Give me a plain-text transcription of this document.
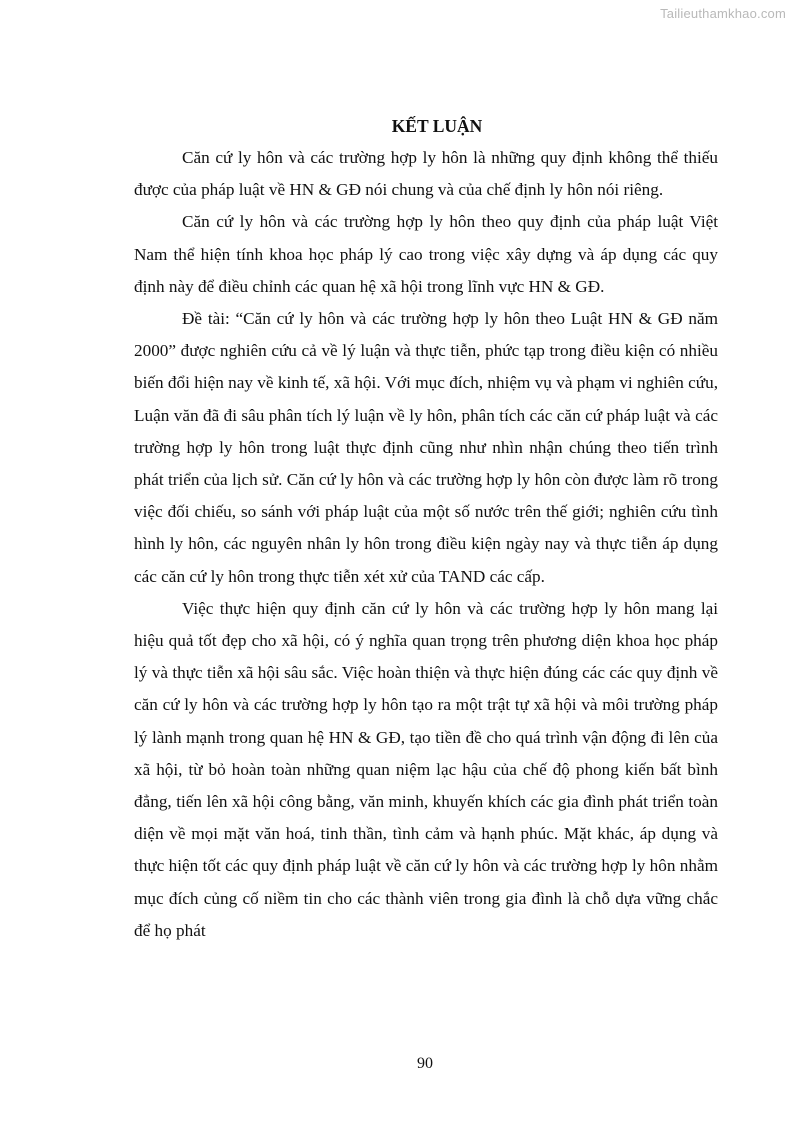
Tailieuthamkhao.com
KẾT LUẬN

Căn cứ ly hôn và các trường hợp ly hôn là những quy định không thể thiếu được của pháp luật về HN & GĐ nói chung và của chế định ly hôn nói riêng.

Căn cứ ly hôn và các trường hợp ly hôn theo quy định của pháp luật Việt Nam thể hiện tính khoa học pháp lý cao trong việc xây dựng và áp dụng các quy định này để điều chỉnh các quan hệ xã hội trong lĩnh vực HN & GĐ.

Đề tài: “Căn cứ ly hôn và các trường hợp ly hôn theo Luật HN & GĐ năm 2000” được nghiên cứu cả về lý luận và thực tiễn, phức tạp trong điều kiện có nhiều biến đổi hiện nay về kinh tế, xã hội. Với mục đích, nhiệm vụ và phạm vi nghiên cứu, Luận văn đã đi sâu phân tích lý luận về ly hôn, phân tích các căn cứ pháp luật và các trường hợp ly hôn trong luật thực định cũng như nhìn nhận chúng theo tiến trình phát triển của lịch sử. Căn cứ ly hôn và các trường hợp ly hôn còn được làm rõ trong việc đối chiếu, so sánh với pháp luật của một số nước trên thế giới; nghiên cứu tình hình ly hôn, các nguyên nhân ly hôn trong điều kiện ngày nay và thực tiễn áp dụng các căn cứ ly hôn trong thực tiễn xét xử của TAND các cấp.

Việc thực hiện quy định căn cứ ly hôn và các trường hợp ly hôn mang lại hiệu quả tốt đẹp cho xã hội, có ý nghĩa quan trọng trên phương diện khoa học pháp lý và thực tiễn xã hội sâu sắc. Việc hoàn thiện và thực hiện đúng các các quy định về căn cứ ly hôn và các trường hợp ly hôn tạo ra một trật tự xã hội và môi trường pháp lý lành mạnh trong quan hệ HN & GĐ, tạo tiền đề cho quá trình vận động đi lên của xã hội, từ bỏ hoàn toàn những quan niệm lạc hậu của chế độ phong kiến bất bình đẳng, tiến lên xã hội công bằng, văn minh, khuyến khích các gia đình phát triển toàn diện về mọi mặt văn hoá, tinh thần, tình cảm và hạnh phúc. Mặt khác, áp dụng và thực hiện tốt các quy định pháp luật về căn cứ ly hôn và các trường hợp ly hôn nhằm mục đích củng cố niềm tin cho các thành viên trong gia đình là chỗ dựa vững chắc để họ phát

90
